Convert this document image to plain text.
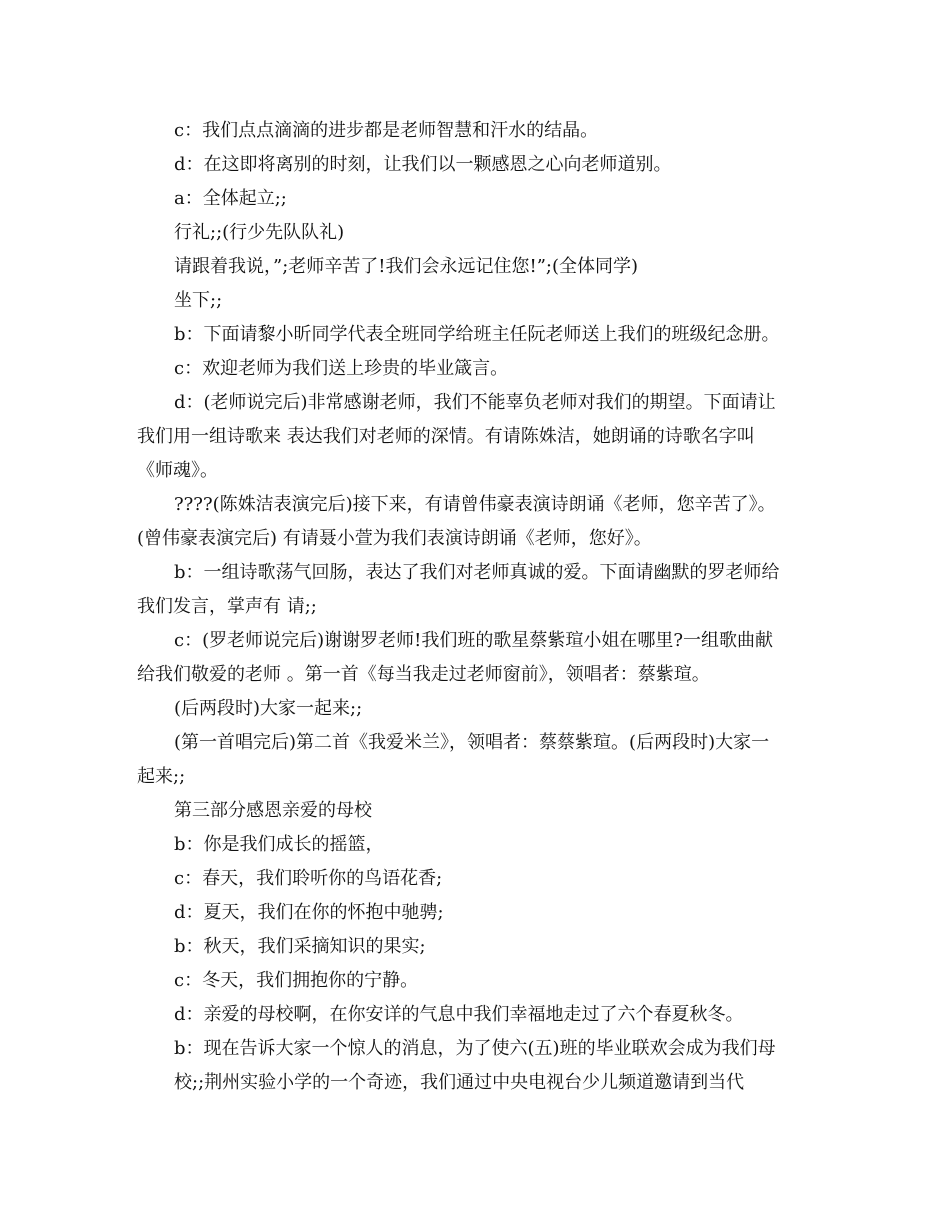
c：我们点点滴滴的进步都是老师智慧和汗水的结晶。
d：在这即将离别的时刻，让我们以一颗感恩之心向老师道别。
a：全体起立;;
行礼;;(行少先队队礼)
请跟着我说，”;老师辛苦了!我们会永远记住您!”;(全体同学)
坐下;;
b：下面请黎小昕同学代表全班同学给班主任阮老师送上我们的班级纪念册。
c：欢迎老师为我们送上珍贵的毕业箴言。
d：(老师说完后)非常感谢老师，我们不能辜负老师对我们的期望。下面请让
我们用一组诗歌来 表达我们对老师的深情。有请陈姝洁，她朗诵的诗歌名字叫
《师魂》。
????(陈姝洁表演完后)接下来，有请曾伟豪表演诗朗诵《老师，您辛苦了》。
(曾伟豪表演完后) 有请聂小萱为我们表演诗朗诵《老师，您好》。
b：一组诗歌荡气回肠，表达了我们对老师真诚的爱。下面请幽默的罗老师给
我们发言，掌声有 请;;
c：(罗老师说完后)谢谢罗老师!我们班的歌星蔡紫瑄小姐在哪里?一组歌曲献
给我们敬爱的老师 。第一首《每当我走过老师窗前》，领唱者：蔡紫瑄。
(后两段时)大家一起来;;
(第一首唱完后)第二首《我爱米兰》，领唱者：蔡蔡紫瑄。(后两段时)大家一
起来;;
第三部分感恩亲爱的母校
b：你是我们成长的摇篮，
c：春天，我们聆听你的鸟语花香;
d：夏天，我们在你的怀抱中驰骋;
b：秋天，我们采摘知识的果实;
c：冬天，我们拥抱你的宁静。
d：亲爱的母校啊，在你安详的气息中我们幸福地走过了六个春夏秋冬。
b：现在告诉大家一个惊人的消息，为了使六(五)班的毕业联欢会成为我们母
校;;荆州实验小学的一个奇迹，我们通过中央电视台少儿频道邀请到当代
